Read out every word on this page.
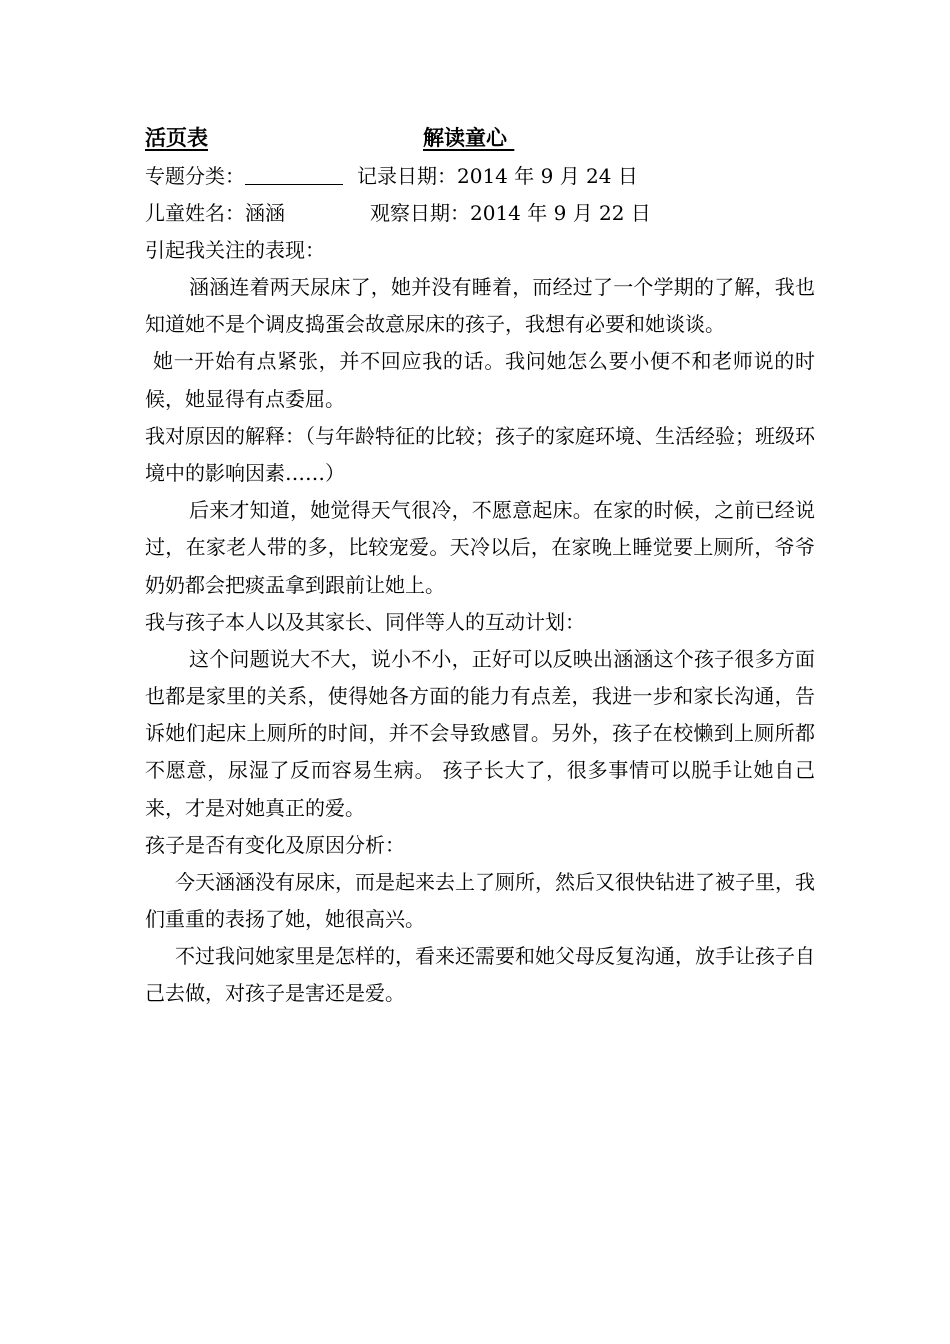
活页表	解读童心
专题分类：	记录日期：2014 年 9 月 24 日
儿童姓名：涵涵	观察日期：2014 年 9 月 22 日
引起我关注的表现：
涵涵连着两天尿床了，她并没有睡着，而经过了一个学期的了解，我也知道她不是个调皮捣蛋会故意尿床的孩子，我想有必要和她谈谈。
她一开始有点紧张，并不回应我的话。我问她怎么要小便不和老师说的时候，她显得有点委屈。
我对原因的解释：（与年龄特征的比较；孩子的家庭环境、生活经验；班级环境中的影响因素……）
后来才知道，她觉得天气很冷，不愿意起床。在家的时候，之前已经说过，在家老人带的多，比较宠爱。天冷以后，在家晚上睡觉要上厕所，爷爷奶奶都会把痰盂拿到跟前让她上。
我与孩子本人以及其家长、同伴等人的互动计划：
这个问题说大不大，说小不小，正好可以反映出涵涵这个孩子很多方面也都是家里的关系，使得她各方面的能力有点差，我进一步和家长沟通，告诉她们起床上厕所的时间，并不会导致感冒。另外，孩子在校懒到上厕所都不愿意，尿湿了反而容易生病。 孩子长大了，很多事情可以脱手让她自己来，才是对她真正的爱。
孩子是否有变化及原因分析：
今天涵涵没有尿床，而是起来去上了厕所，然后又很快钻进了被子里，我们重重的表扬了她，她很高兴。
不过我问她家里是怎样的，看来还需要和她父母反复沟通，放手让孩子自己去做，对孩子是害还是爱。
